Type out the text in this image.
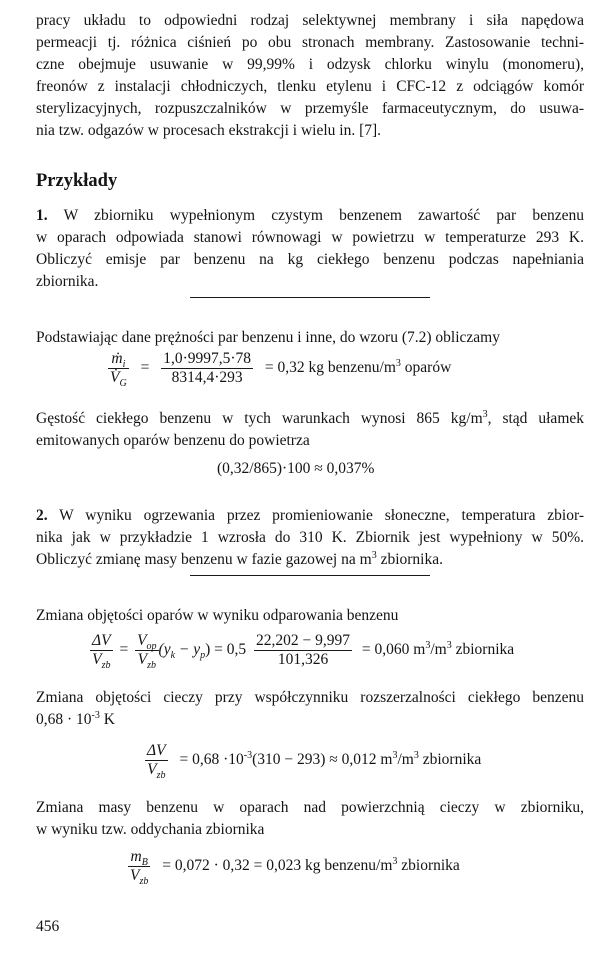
pracy układu to odpowiedni rodzaj selektywnej membrany i siła napędowa
permeacji tj. różnica ciśnień po obu stronach membrany. Zastosowanie techni-
czne obejmuje usuwanie w 99,99% i odzysk chlorku winylu (monomeru),
freonów z instalacji chłodniczych, tlenku etylenu i CFC-12 z odciągów komór
sterylizacyjnych, rozpuszczalników w przemyśle farmaceutycznym, do usuwa-
nia tzw. odgazów w procesach ekstrakcji i wielu in. [7].
Przykłady
1. W zbiorniku wypełnionym czystym benzenem zawartość par benzenu
w oparach odpowiada stanowi równowagi w powietrzu w temperaturze 293 K.
Obliczyć emisje par benzenu na kg ciekłego benzenu podczas napełniania
zbiornika.
Podstawiając dane prężności par benzenu i inne, do wzoru (7.2) obliczamy
$\frac{ṁ_i}{V̇_G} = \frac{1,0\cdot 9997,5\cdot 78}{8314,4\cdot 293} = 0,32$ kg benzenu/$m^3$ oparów
Gęstość ciekłego benzenu w tych warunkach wynosi 865 $kg/m^3$, stąd ułamek
emitowanych oparów benzenu do powietrza
(0,32/865)·100 ≈ 0,037%
2. W wyniku ogrzewania przez promieniowanie słoneczne, temperatura zbior-
nika jak w przykładzie 1 wzrosła do 310 K. Zbiornik jest wypełniony w 50%.
Obliczyć zmianę masy benzenu w fazie gazowej na $m^3$ zbiornika.
Zmiana objętości oparów w wyniku odparowania benzenu
$\frac{\Delta V}{V_{zb}} = \frac{V_{op}}{V_{zb}} (y_k - y_p) = 0,5 \frac{22,202 - 9,997}{101,326} = 0,060$ $m^3/m^3$ zbiornika
Zmiana objętości cieczy przy współczynniku rozszerzalności ciekłego benzenu
$0,68 \cdot 10^{-3}$ K
$\frac{\Delta V}{V_{zb}} = 0,68 \cdot 10^{-3}(310 - 293) \approx 0,012$ $m^3/m^3$ zbiornika
Zmiana masy benzenu w oparach nad powierzchnią cieczy w zbiorniku,
w wyniku tzw. oddychania zbiornika
$\frac{m_B}{V_{zb}} = 0,072 \cdot 0,32 = 0,023$ kg benzenu/$m^3$ zbiornika
456
